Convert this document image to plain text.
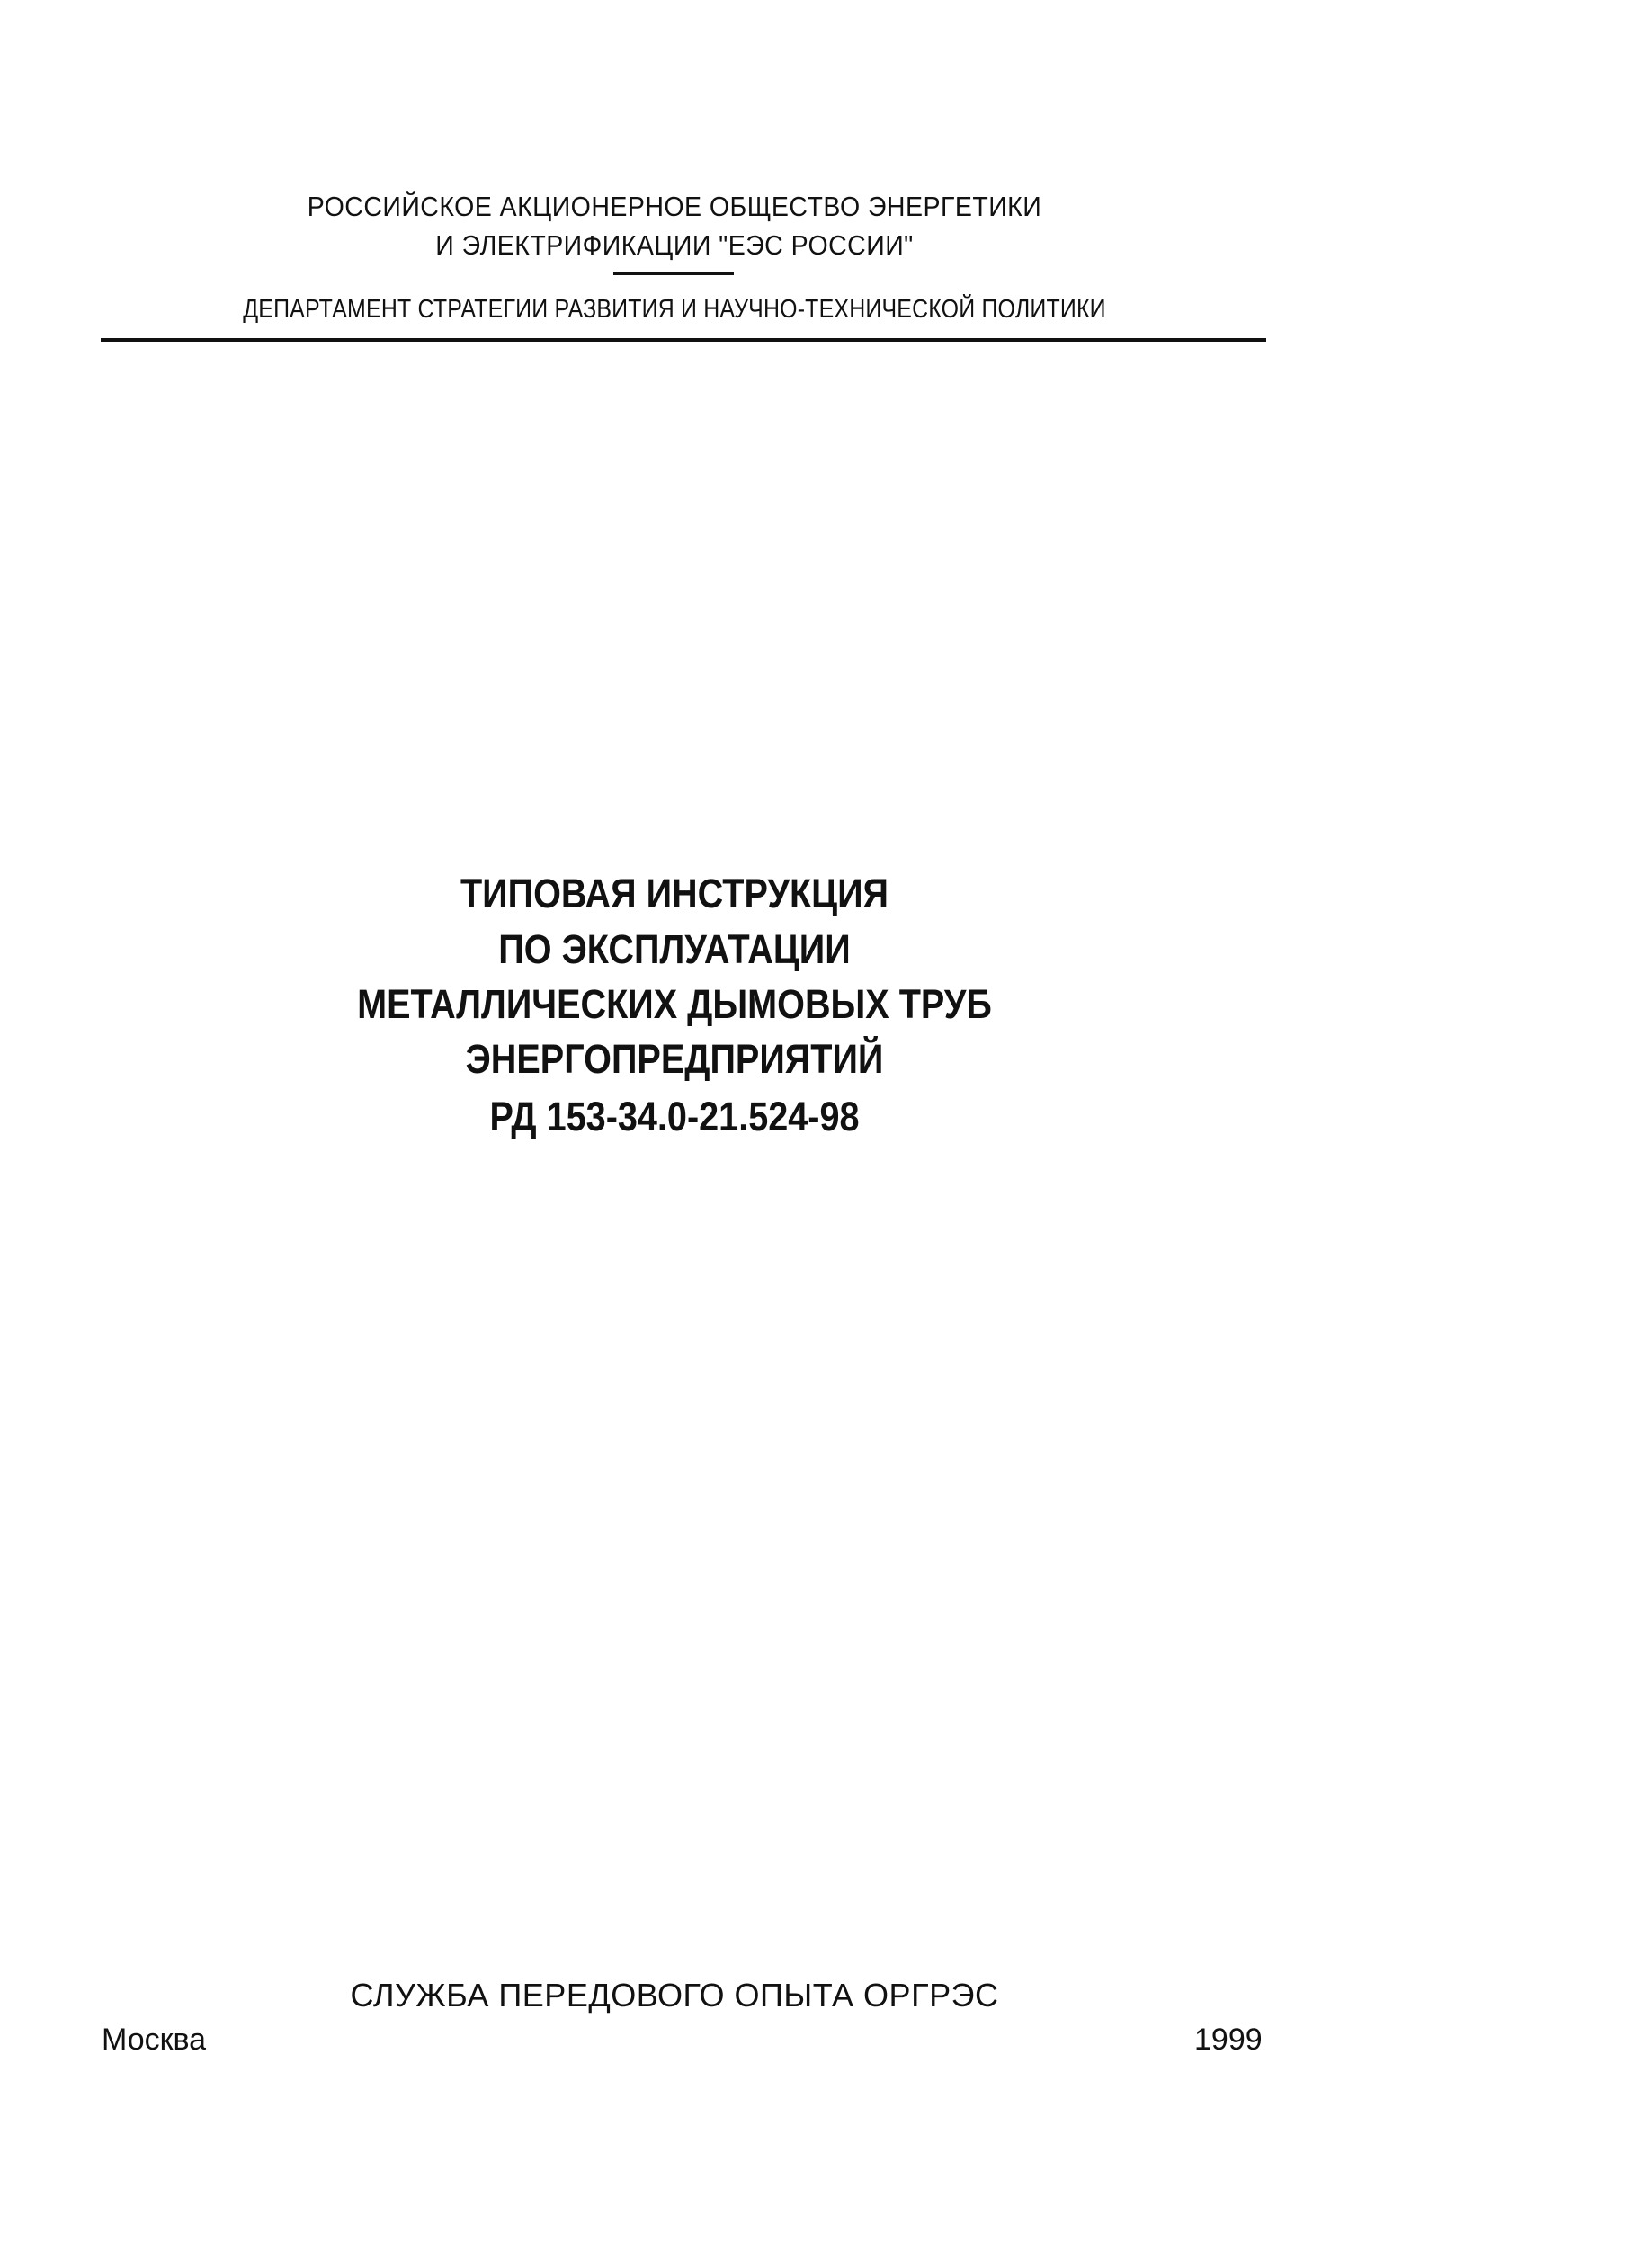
РОССИЙСКОЕ АКЦИОНЕРНОЕ ОБЩЕСТВО ЭНЕРГЕТИКИ
И ЭЛЕКТРИФИКАЦИИ "ЕЭС РОССИИ"
ДЕПАРТАМЕНТ СТРАТЕГИИ РАЗВИТИЯ И НАУЧНО-ТЕХНИЧЕСКОЙ ПОЛИТИКИ
ТИПОВАЯ ИНСТРУКЦИЯ
ПО ЭКСПЛУАТАЦИИ
МЕТАЛЛИЧЕСКИХ ДЫМОВЫХ ТРУБ
ЭНЕРГОПРЕДПРИЯТИЙ
РД 153-34.0-21.524-98
СЛУЖБА ПЕРЕДОВОГО ОПЫТА ОРГРЭС
Москва	1999
